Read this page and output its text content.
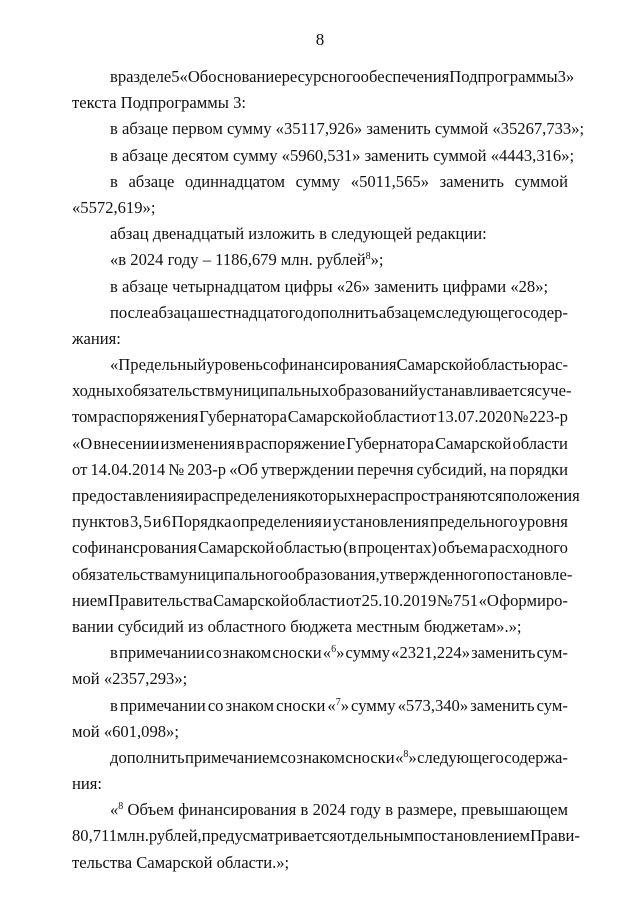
8
в разделе 5 «Обоснование ресурсного обеспечения Подпрограммы 3»
текста Подпрограммы 3:
в абзаце первом сумму «35117,926» заменить суммой «35267,733»;
в абзаце десятом сумму «5960,531» заменить суммой «4443,316»;
в абзаце одиннадцатом сумму «5011,565» заменить суммой
«5572,619»;
абзац двенадцатый изложить в следующей редакции:
«в 2024 году – 1186,679 млн. рублей$^8$»;
в абзаце четырнадцатом цифры «26» заменить цифрами «28»;
после абзаца шестнадцатого дополнить абзацем следующего содер-
жания:
«Предельный уровень софинансирования Самарской областью рас-
ходных обязательств муниципальных образований устанавливается с уче-
том распоряжения Губернатора Самарской области от 13.07.2020 № 223-р
«О внесении изменения в распоряжение Губернатора Самарской области
от 14.04.2014 № 203-р «Об утверждении перечня субсидий, на порядки
предоставления и распределения которых не распространяются положения
пунктов 3, 5 и 6 Порядка определения и установления предельного уровня
софинансрования Самарской областью (в процентах) объема расходного
обязательства муниципального образования, утвержденного постановле-
нием Правительства Самарской области от 25.10.2019 № 751 «О формиро-
вании субсидий из областного бюджета местным бюджетам».»;
в примечании со знаком сноски «$^6$» сумму «2321,224» заменить сум-
мой «2357,293»;
в примечании со знаком сноски «$^7$» сумму «573,340» заменить сум-
мой «601,098»;
дополнить примечанием со знаком сноски «$^8$» следующего содержа-
ния:
«$^8$ Объем финансирования в 2024 году в размере, превышающем
80,711 млн. рублей, предусматривается отдельным постановлением Прави-
тельства Самарской области.»;
